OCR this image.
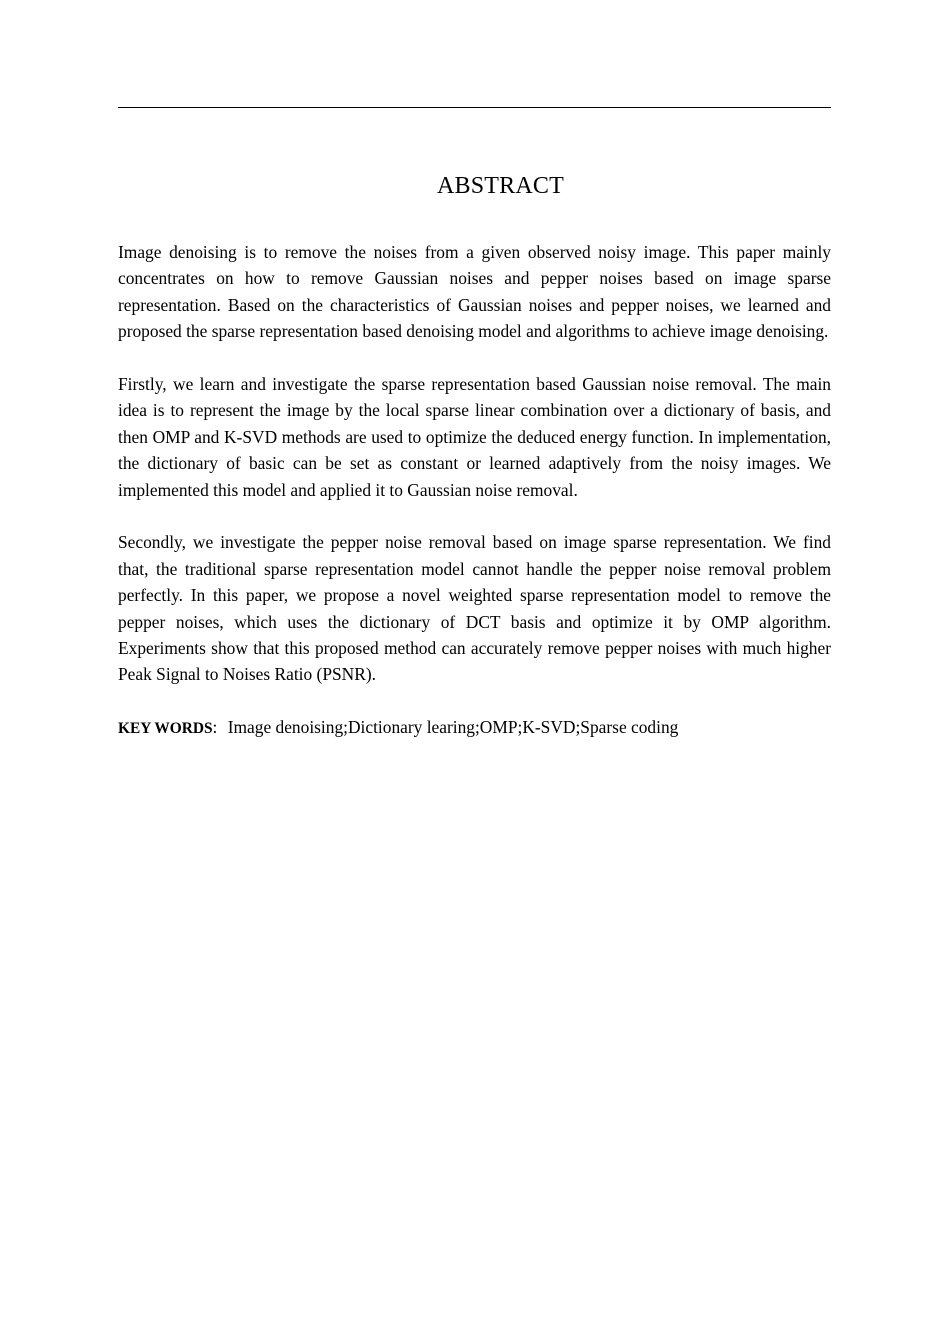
ABSTRACT

Image denoising is to remove the noises from a given observed noisy image. This paper mainly concentrates on how to remove Gaussian noises and pepper noises based on image sparse representation. Based on the characteristics of Gaussian noises and pepper noises, we learned and proposed the sparse representation based denoising model and algorithms to achieve image denoising.

Firstly, we learn and investigate the sparse representation based Gaussian noise removal. The main idea is to represent the image by the local sparse linear combination over a dictionary of basis, and then OMP and K-SVD methods are used to optimize the deduced energy function. In implementation, the dictionary of basic can be set as constant or learned adaptively from the noisy images. We implemented this model and applied it to Gaussian noise removal.

Secondly, we investigate the pepper noise removal based on image sparse representation. We find that, the traditional sparse representation model cannot handle the pepper noise removal problem perfectly. In this paper, we propose a novel weighted sparse representation model to remove the pepper noises, which uses the dictionary of DCT basis and optimize it by OMP algorithm. Experiments show that this proposed method can accurately remove pepper noises with much higher Peak Signal to Noises Ratio (PSNR).

KEY WORDS: Image denoising;Dictionary learing;OMP;K-SVD;Sparse coding
